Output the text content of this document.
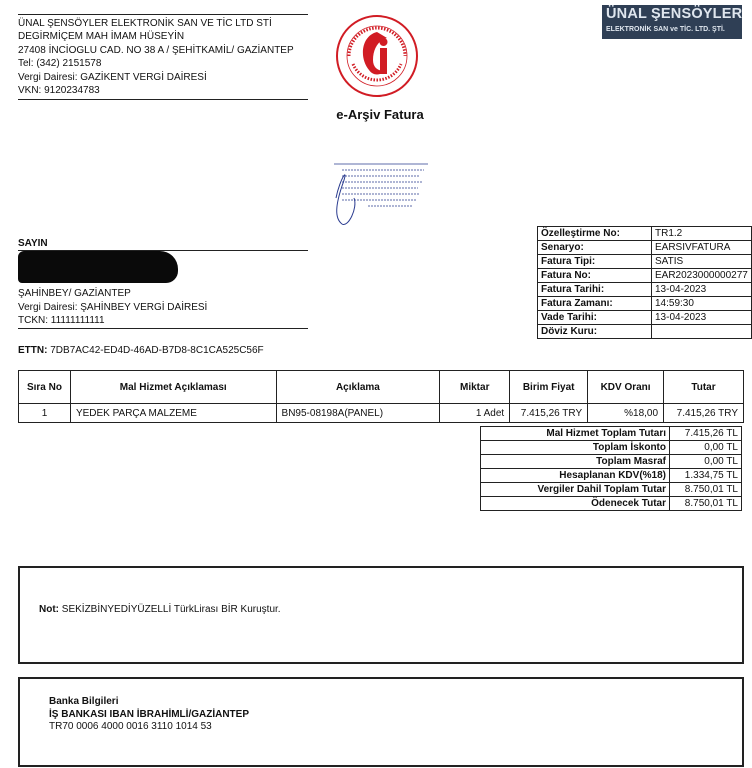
ÜNAL ŞENSÖYLER ELEKTRONİK SAN VE TİC LTD STİ
DEGİRMİÇEM MAH İMAM HÜSEYİN
27408 İNCİOGLU CAD. NO 38 A / ŞEHİTKAMİL/ GAZİANTEP
Tel: (342) 2151578
Vergi Dairesi: GAZİKENT VERGİ DAİRESİ
VKN: 9120234783
e-Arşiv Fatura
ÜNAL ŞENSÖYLER
ELEKTRONİK SAN ve TİC. LTD. ŞTİ.
SAYIN
ŞAHİNBEY/ GAZİANTEP
Vergi Dairesi: ŞAHİNBEY VERGİ DAİRESİ
TCKN: 11111111111
ETTN: 7DB7AC42-ED4D-46AD-B7D8-8C1CA525C56F
Özelleştirme No:	TR1.2
Senaryo:	EARSIVFATURA
Fatura Tipi:	SATIS
Fatura No:	EAR2023000000277
Fatura Tarihi:	13-04-2023
Fatura Zamanı:	14:59:30
Vade Tarihi:	13-04-2023
Döviz Kuru:	
Sıra No	Mal Hizmet Açıklaması	Açıklama	Miktar	Birim Fiyat	KDV Oranı	Tutar
1	YEDEK PARÇA MALZEME	BN95-08198A(PANEL)	1 Adet	7.415,26 TRY	%18,00	7.415,26 TRY
Mal Hizmet Toplam Tutarı	7.415,26 TL
Toplam İskonto	0,00 TL
Toplam Masraf	0,00 TL
Hesaplanan KDV(%18)	1.334,75 TL
Vergiler Dahil Toplam Tutar	8.750,01 TL
Ödenecek Tutar	8.750,01 TL
Not: SEKİZBİNYEDİYÜZELLİ TürkLirası BİR Kuruştur.
Banka Bilgileri
İŞ BANKASI IBAN İBRAHİMLİ/GAZİANTEP
TR70 0006 4000 0016 3110 1014 53
